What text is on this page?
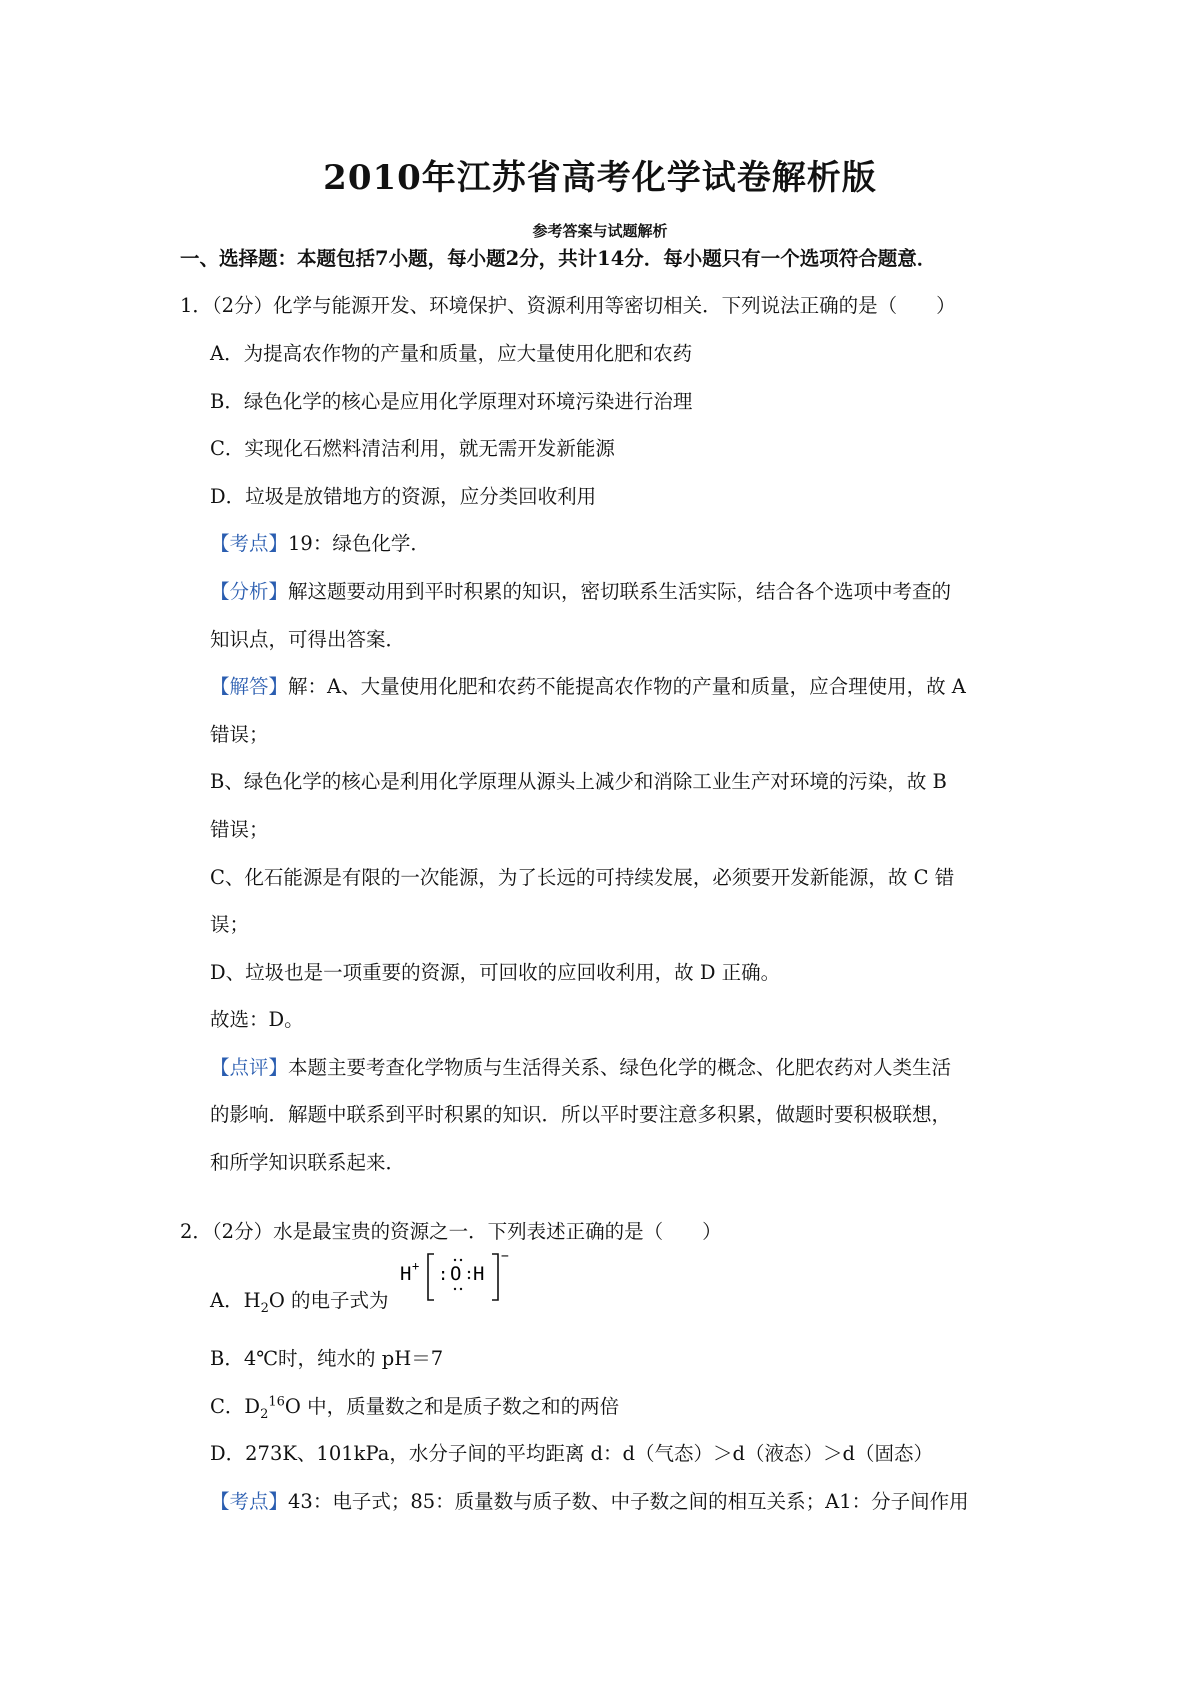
2010年江苏省高考化学试卷解析版
参考答案与试题解析
一、选择题：本题包括7小题，每小题2分，共计14分．每小题只有一个选项符合题意．
1．（2分）化学与能源开发、环境保护、资源利用等密切相关．下列说法正确的是（　　）
A．为提高农作物的产量和质量，应大量使用化肥和农药
B．绿色化学的核心是应用化学原理对环境污染进行治理
C．实现化石燃料清洁利用，就无需开发新能源
D．垃圾是放错地方的资源，应分类回收利用
【考点】19：绿色化学．
【分析】解这题要动用到平时积累的知识，密切联系生活实际，结合各个选项中考查的
知识点，可得出答案．
【解答】解：A、大量使用化肥和农药不能提高农作物的产量和质量，应合理使用，故 A
错误；
B、绿色化学的核心是利用化学原理从源头上减少和消除工业生产对环境的污染，故 B
错误；
C、化石能源是有限的一次能源，为了长远的可持续发展，必须要开发新能源，故 C 错
误；
D、垃圾也是一项重要的资源，可回收的应回收利用，故 D 正确。
故选：D。
【点评】本题主要考查化学物质与生活得关系、绿色化学的概念、化肥农药对人类生活
的影响．解题中联系到平时积累的知识．所以平时要注意多积累，做题时要积极联想，
和所学知识联系起来．
2．（2分）水是最宝贵的资源之一．下列表述正确的是（　　）
A．$H_2O$ 的电子式为
H + : O H
−
B．4℃时，纯水的 pH＝7
C．$D_2^{16}O$ 中，质量数之和是质子数之和的两倍
D．273K、101kPa，水分子间的平均距离 d：d（气态）＞d（液态）＞d（固态）
【考点】43：电子式；85：质量数与质子数、中子数之间的相互关系；A1：分子间作用
